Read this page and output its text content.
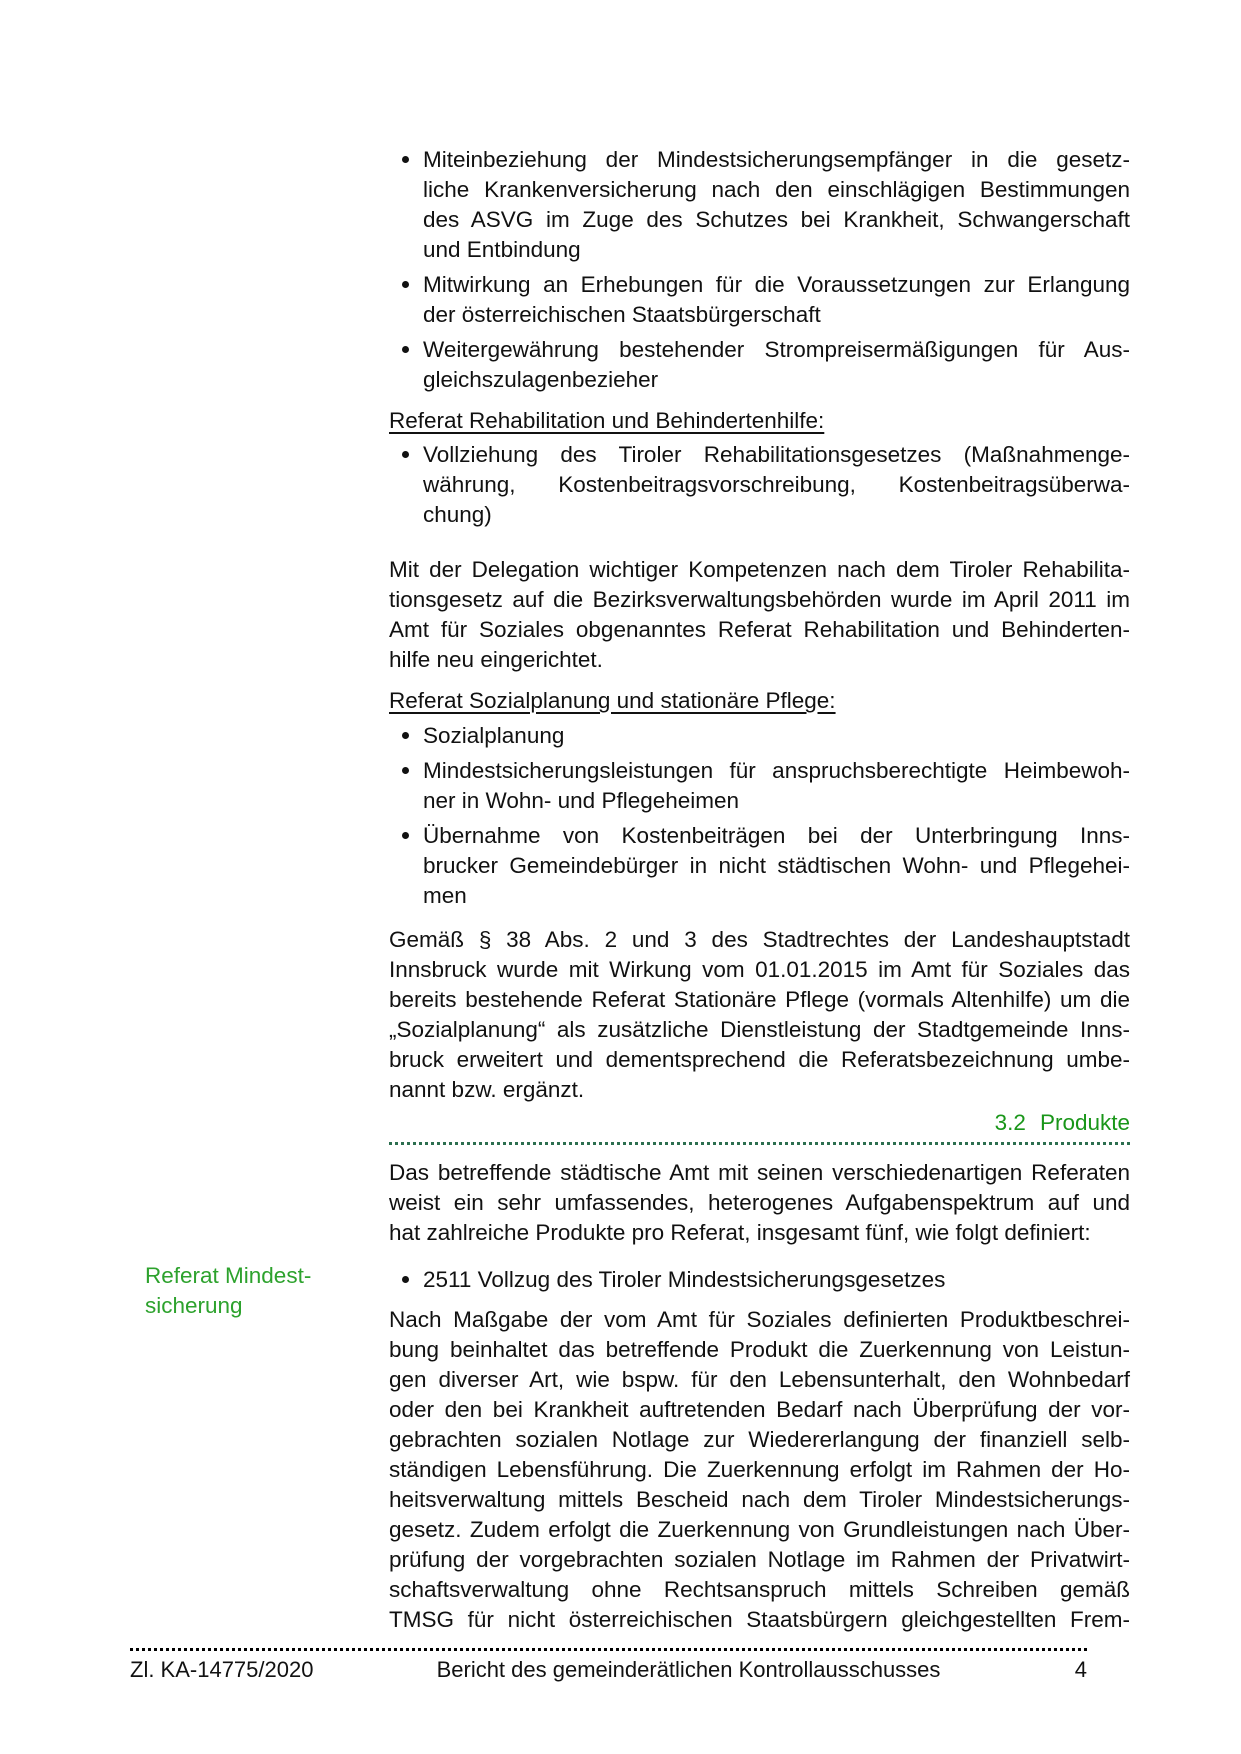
Miteinbeziehung der Mindestsicherungsempfänger in die gesetz-
liche Krankenversicherung nach den einschlägigen Bestimmungen
des ASVG im Zuge des Schutzes bei Krankheit, Schwangerschaft
und Entbindung
Mitwirkung an Erhebungen für die Voraussetzungen zur Erlangung
der österreichischen Staatsbürgerschaft
Weitergewährung bestehender Strompreisermäßigungen für Aus-
gleichszulagenbezieher
Referat Rehabilitation und Behindertenhilfe:
Vollziehung des Tiroler Rehabilitationsgesetzes (Maßnahmenge-
währung, Kostenbeitragsvorschreibung, Kostenbeitragsüberwa-
chung)
Mit der Delegation wichtiger Kompetenzen nach dem Tiroler Rehabilita-
tionsgesetz auf die Bezirksverwaltungsbehörden wurde im April 2011 im
Amt für Soziales obgenanntes Referat Rehabilitation und Behinderten-
hilfe neu eingerichtet.
Referat Sozialplanung und stationäre Pflege:
Sozialplanung
Mindestsicherungsleistungen für anspruchsberechtigte Heimbewoh-
ner in Wohn- und Pflegeheimen
Übernahme von Kostenbeiträgen bei der Unterbringung Inns-
brucker Gemeindebürger in nicht städtischen Wohn- und Pflegehei-
men
Gemäß § 38 Abs. 2 und 3 des Stadtrechtes der Landeshauptstadt
Innsbruck wurde mit Wirkung vom 01.01.2015 im Amt für Soziales das
bereits bestehende Referat Stationäre Pflege (vormals Altenhilfe) um die
„Sozialplanung“ als zusätzliche Dienstleistung der Stadtgemeinde Inns-
bruck erweitert und dementsprechend die Referatsbezeichnung umbe-
nannt bzw. ergänzt.
3.2 Produkte
Das betreffende städtische Amt mit seinen verschiedenartigen Referaten
weist ein sehr umfassendes, heterogenes Aufgabenspektrum auf und
hat zahlreiche Produkte pro Referat, insgesamt fünf, wie folgt definiert:
Referat Mindest-
sicherung
2511 Vollzug des Tiroler Mindestsicherungsgesetzes
Nach Maßgabe der vom Amt für Soziales definierten Produktbeschrei-
bung beinhaltet das betreffende Produkt die Zuerkennung von Leistun-
gen diverser Art, wie bspw. für den Lebensunterhalt, den Wohnbedarf
oder den bei Krankheit auftretenden Bedarf nach Überprüfung der vor-
gebrachten sozialen Notlage zur Wiedererlangung der finanziell selb-
ständigen Lebensführung. Die Zuerkennung erfolgt im Rahmen der Ho-
heitsverwaltung mittels Bescheid nach dem Tiroler Mindestsicherungs-
gesetz. Zudem erfolgt die Zuerkennung von Grundleistungen nach Über-
prüfung der vorgebrachten sozialen Notlage im Rahmen der Privatwirt-
schaftsverwaltung ohne Rechtsanspruch mittels Schreiben gemäß
TMSG für nicht österreichischen Staatsbürgern gleichgestellten Frem-
Zl. KA-14775/2020	Bericht des gemeinderätlichen Kontrollausschusses	4
